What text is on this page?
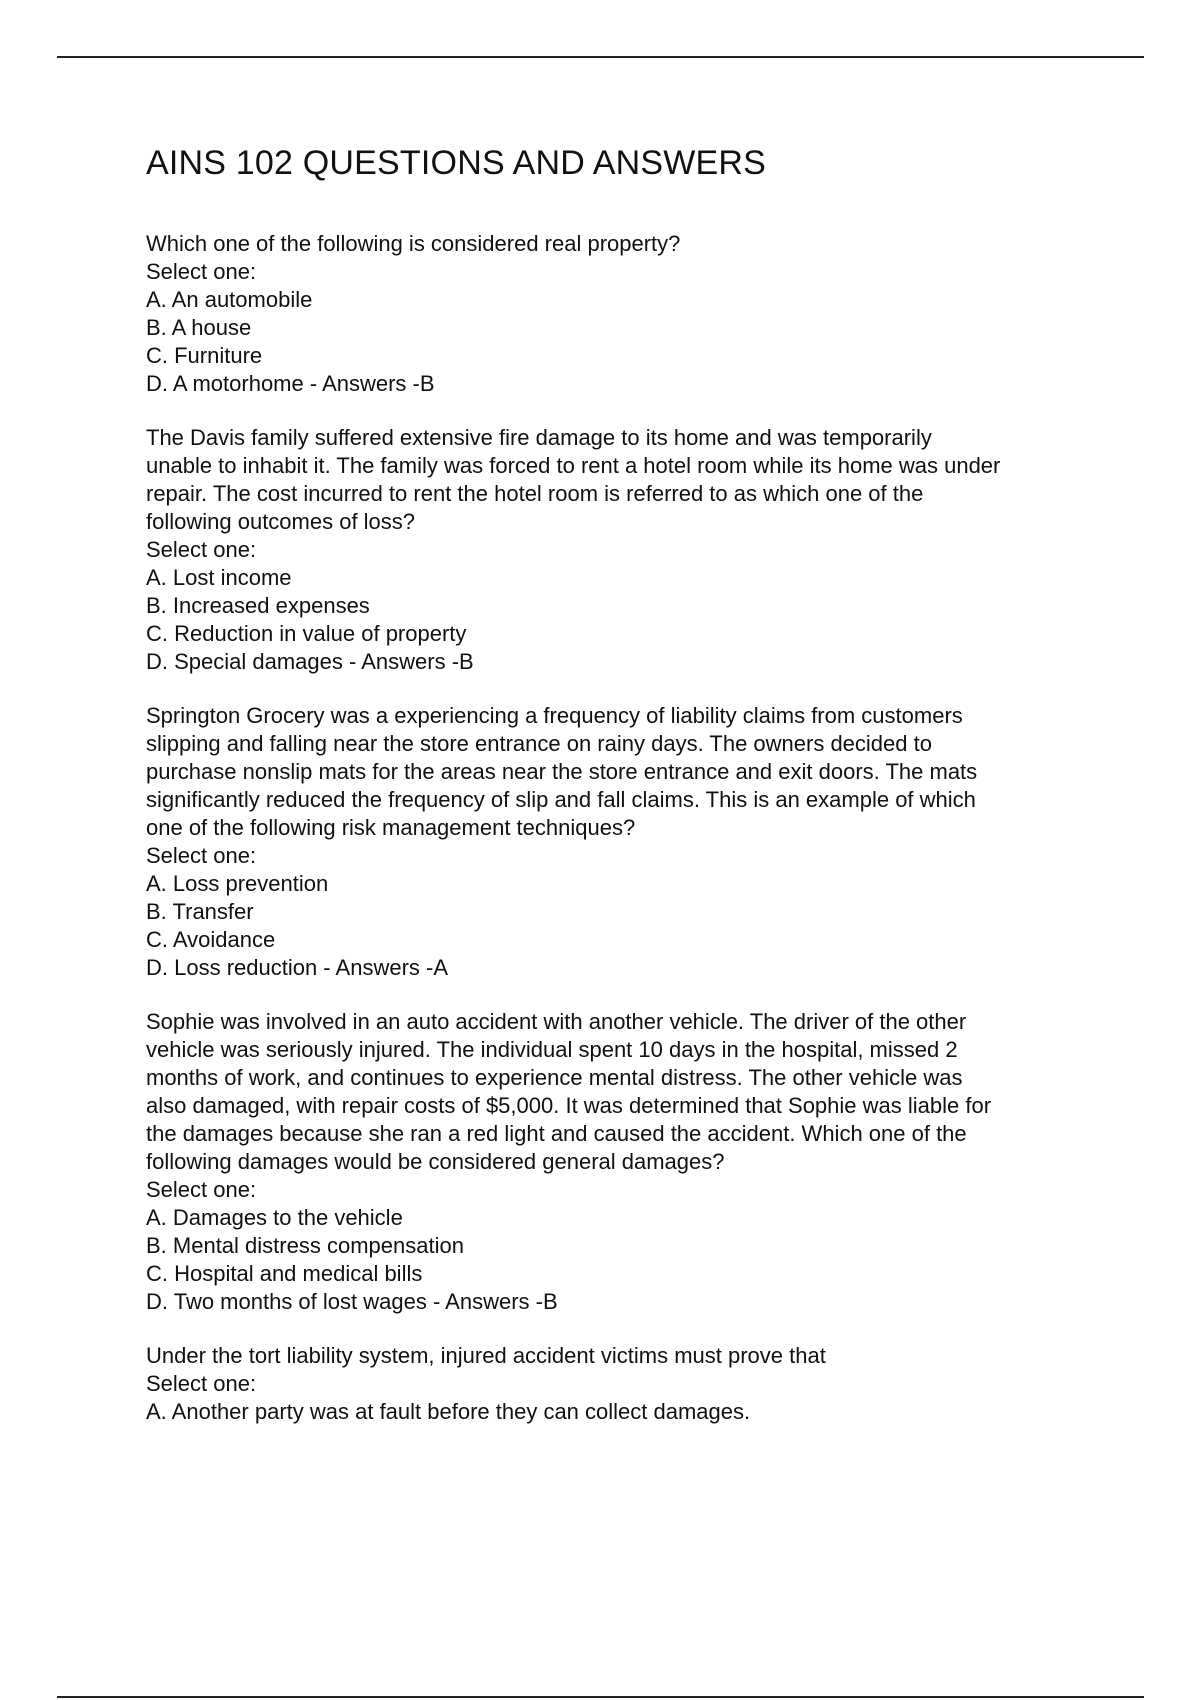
AINS 102 QUESTIONS AND ANSWERS

Which one of the following is considered real property?

Select one:

A. An automobile
B. A house
C. Furniture
D. A motorhome - Answers -B

The Davis family suffered extensive fire damage to its home and was temporarily
unable to inhabit it. The family was forced to rent a hotel room while its home was under
repair. The cost incurred to rent the hotel room is referred to as which one of the
following outcomes of loss?

Select one:

A. Lost income
B. Increased expenses
C. Reduction in value of property
D. Special damages - Answers -B

Springton Grocery was a experiencing a frequency of liability claims from customers
slipping and falling near the store entrance on rainy days. The owners decided to
purchase nonslip mats for the areas near the store entrance and exit doors. The mats
significantly reduced the frequency of slip and fall claims. This is an example of which
one of the following risk management techniques?

Select one:

A. Loss prevention
B. Transfer
C. Avoidance
D. Loss reduction - Answers -A

Sophie was involved in an auto accident with another vehicle. The driver of the other
vehicle was seriously injured. The individual spent 10 days in the hospital, missed 2
months of work, and continues to experience mental distress. The other vehicle was
also damaged, with repair costs of $5,000. It was determined that Sophie was liable for
the damages because she ran a red light and caused the accident. Which one of the
following damages would be considered general damages?

Select one:

A. Damages to the vehicle
B. Mental distress compensation
C. Hospital and medical bills
D. Two months of lost wages - Answers -B

Under the tort liability system, injured accident victims must prove that

Select one:

A. Another party was at fault before they can collect damages.
